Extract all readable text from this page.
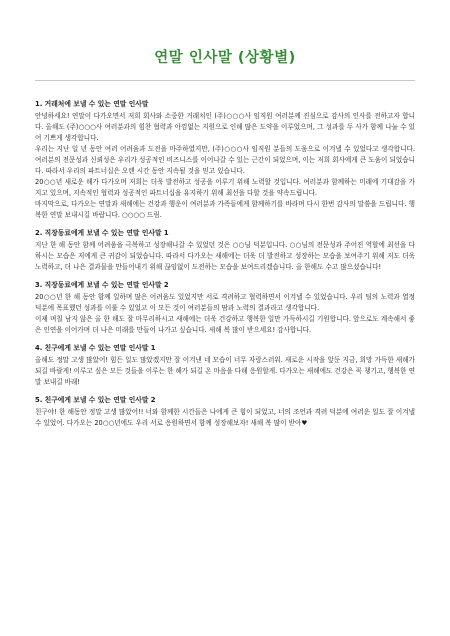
연말 인사말 (상황별)
1. 거래처에 보낼 수 있는 연말 인사말

안녕하세요! 연말이 다가오면서 저희 회사와 소중한 거래처인 (주)○○○사 임직원 여러분께 진심으로 감사의 인사를 전하고자 합니다. 올해도 (주)○○○사 여러분과의 힘찬 협력과 아낌없는 지원으로 인해 많은 도약을 이루었으며, 그 성과를 두 사가 함께 나눌 수 있어 기쁘게 생각합니다.

우리는 지난 일 년 동안 여러 어려움과 도전을 마주하였지만, (주)○○○사 임직원 분들의 도움으로 이겨낼 수 있었다고 생각합니다. 여러분의 전문성과 신뢰성은 우리가 성공적인 비즈니스를 이어나갈 수 있는 근간이 되었으며, 이는 저희 회사에게 큰 도움이 되었습니다. 따라서 우리의 파트너십은 오랜 시간 동안 지속될 것을 믿고 있습니다.

20○○년 새로운 해가 다가오며 저희는 더욱 발전하고 성공을 이루기 위해 노력할 것입니다. 여러분과 함께하는 미래에 기대감을 가지고 있으며, 지속적인 협력과 성공적인 파트너십을 유지하기 위해 최선을 다할 것을 약속드립니다.

마지막으로, 다가오는 연말과 새해에는 건강과 행운이 여러분과 가족들에게 함께하기를 바라며 다시 한번 감사의 말씀을 드립니다. 행복한 연말 보내시길 바랍니다. ○○○○ 드림.

2. 직장동료에게 보낼 수 있는 연말 인사말 1

지난 한 해 동안 함께 어려움을 극복하고 성장해나갈 수 있었던 것은 ○○님 덕분입니다. ○○님의 전문성과 주어진 역할에 최선을 다하시는 모습은 저에게 큰 귀감이 되었습니다. 따라서 다가오는 새해에는 더욱 더 발전하고 성장하는 모습을 보여주기 위해 저도 더욱 노력하고, 더 나은 결과물을 만들어내기 위해 끊임없이 도전하는 모습을 보여드리겠습니다. 올 한해도 수고 많으셨습니다!

3. 직장동료에게 보낼 수 있는 연말 인사말 2

20○○년 한 해 동안 함께 일하며 많은 어려움도 있었지만 서로 격려하고 협력하면서 이겨낼 수 있었습니다. 우리 팀의 노력과 열정 덕분에 목표했던 성과를 이룰 수 있었고 이 모든 것이 여러분들의 땀과 노력의 결과라고 생각합니다.

이제 며칠 남지 않은 올 한 해도 잘 마무리하시고 새해에는 더욱 건강하고 행복한 일만 가득하시길 기원합니다. 앞으로도 계속해서 좋은 인연을 이어가며 더 나은 미래를 만들어 나가고 싶습니다. 새해 복 많이 받으세요! 감사합니다.

4. 친구에게 보낼 수 있는 연말 인사말 1

올해도 정말 고생 많았어! 힘든 일도 많았겠지만 잘 이겨낸 네 모습이 너무 자랑스러워. 새로운 시작을 앞둔 지금, 희망 가득한 새해가 되길 바랄게! 이루고 싶은 모든 것들을 이루는 한 해가 되길 온 마음을 다해 응원할게. 다가오는 새해에도 건강은 꼭 챙기고, 행복한 연말 보내길 바래!

5. 친구에게 보낼 수 있는 연말 인사말 2

친구야! 한 해동안 정말 고생 많았어!! 너와 함께한 시간들은 나에게 큰 힘이 되었고, 너의 조언과 격려 덕분에 여러운 일도 잘 이겨낼 수 있었어. 다가오는 20○○년에도 우리 서로 응원하면서 함께 성장해보자! 새해 복 많이 받아♥
